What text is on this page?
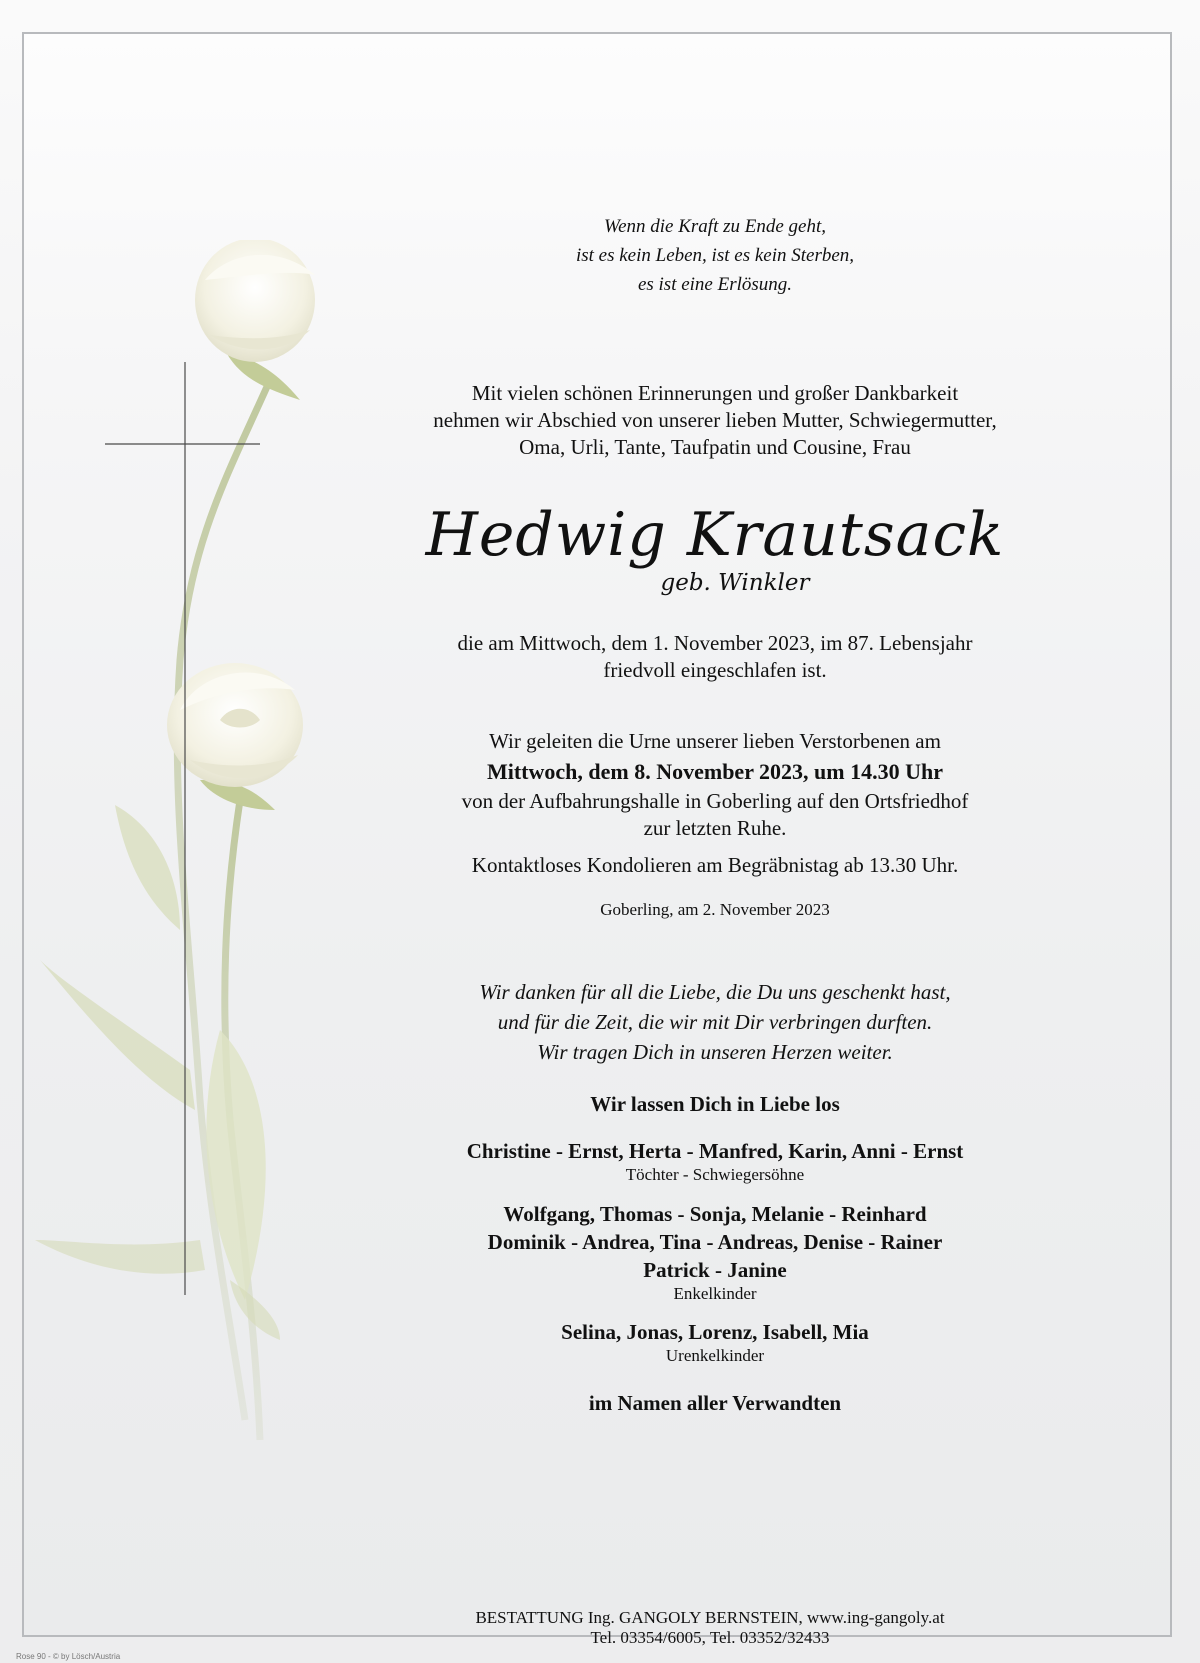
Wenn die Kraft zu Ende geht,
ist es kein Leben, ist es kein Sterben,
es ist eine Erlösung.
Mit vielen schönen Erinnerungen und großer Dankbarkeit
nehmen wir Abschied von unserer lieben Mutter, Schwiegermutter,
Oma, Urli, Tante, Taufpatin und Cousine, Frau
Hedwig Krautsack
geb. Winkler
die am Mittwoch, dem 1. November 2023, im 87. Lebensjahr
friedvoll eingeschlafen ist.
Wir geleiten die Urne unserer lieben Verstorbenen am
Mittwoch, dem 8. November 2023, um 14.30 Uhr
von der Aufbahrungshalle in Goberling auf den Ortsfriedhof
zur letzten Ruhe.
Kontaktloses Kondolieren am Begräbnistag ab 13.30 Uhr.
Goberling, am 2. November 2023
Wir danken für all die Liebe, die Du uns geschenkt hast,
und für die Zeit, die wir mit Dir verbringen durften.
Wir tragen Dich in unseren Herzen weiter.
Wir lassen Dich in Liebe los
Christine - Ernst, Herta - Manfred, Karin, Anni - Ernst
Töchter - Schwiegersöhne
Wolfgang, Thomas - Sonja, Melanie - Reinhard
Dominik - Andrea, Tina - Andreas, Denise - Rainer
Patrick - Janine
Enkelkinder
Selina, Jonas, Lorenz, Isabell, Mia
Urenkelkinder
im Namen aller Verwandten
BESTATTUNG Ing. GANGOLY BERNSTEIN, www.ing-gangoly.at
Tel. 03354/6005, Tel. 03352/32433
Rose 90 - © by Lösch/Austria
